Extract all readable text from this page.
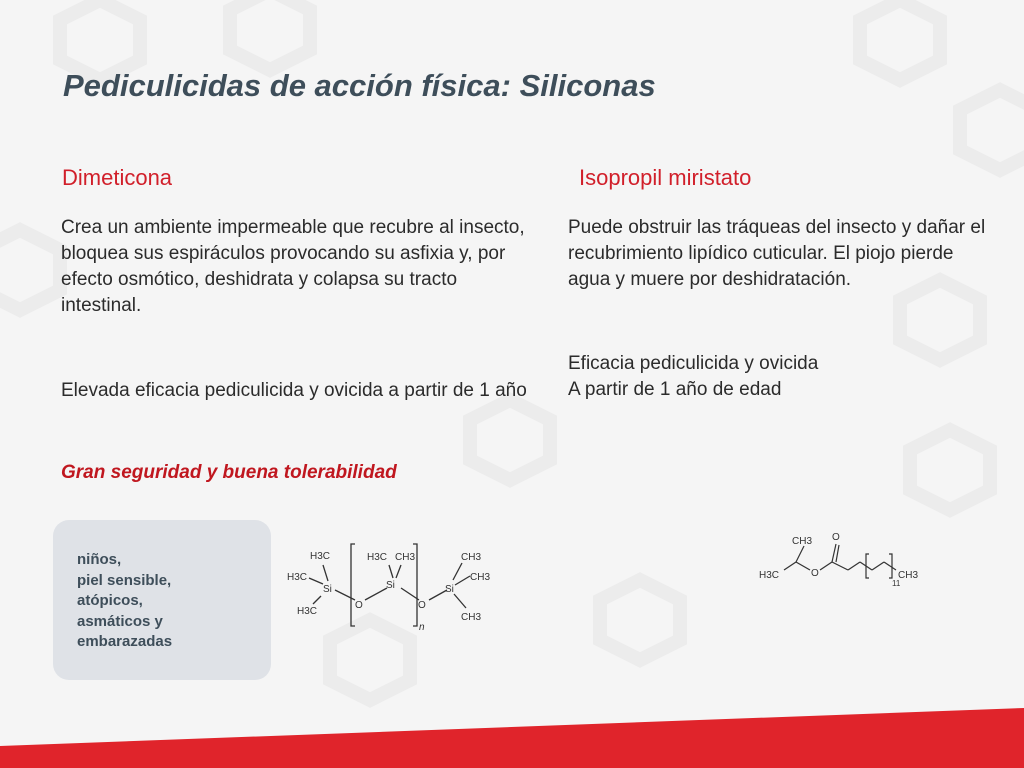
Pediculicidas de acción física: Siliconas
Dimeticona	Isopropil miristato
Crea un ambiente impermeable que recubre al insecto, bloquea sus espiráculos provocando su asfixia y, por efecto osmótico, deshidrata y colapsa su tracto intestinal.
Elevada eficacia pediculicida y ovicida a partir de 1 año
Gran seguridad y buena tolerabilidad
Puede obstruir las tráqueas del insecto y dañar el recubrimiento lipídico cuticular. El piojo pierde agua y muere por deshidratación.
Eficacia pediculicida y ovicida
A partir de 1 año de edad
niños,
piel sensible,
atópicos,
asmáticos y
embarazadas
H3C
H3C
H3C
Si
O
H3C CH3
Si
O
Si
CH3
CH3
CH3
n
CH3
H3C	O
O
CH3
11
